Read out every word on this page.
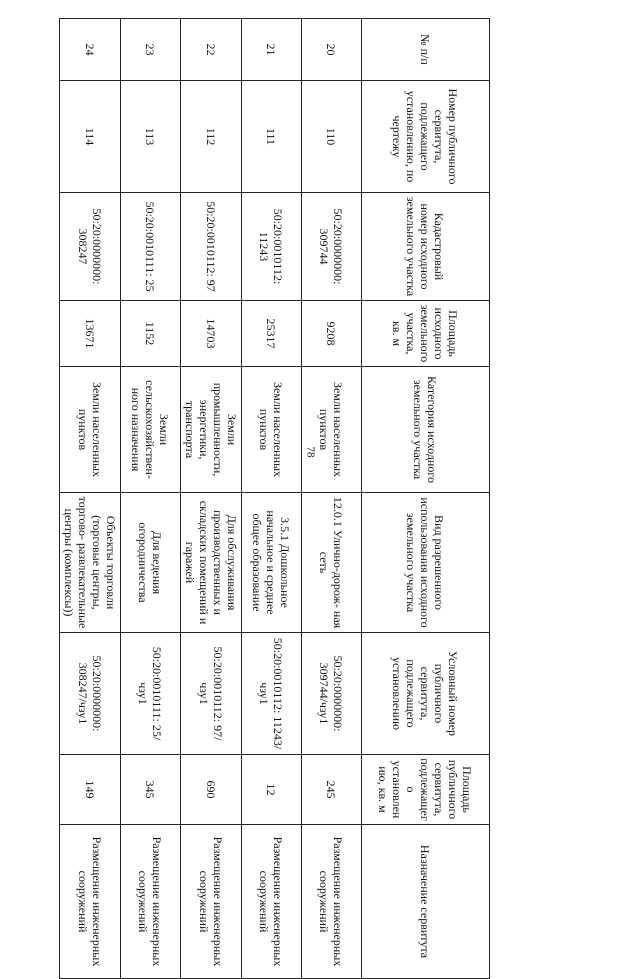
78
№ п/п	Номер публичного сервитута, подлежащего установлению, по чертежу	Кадастровый номер исходного земельного участка	Площадь исходного земельного участка, кв. м	Категория исходного земельного участка	Вид разрешенного использования исходного земельного участка	Условный номер публичного сервитута, подлежащего установлению	Площадь публичного сервитута, подлежащего установлению, кв. м	Назначение сервитута
20	110	50:20:0000000: 309744	9208	Земли населенных пунктов	12.0.1 Улично-дорож- ная сеть	50:20:0000000: 309744/чзу1	245	Размещение инженерных сооружений
21	111	50:20:0010112: 11243	25317	Земли населенных пунктов	3.5.1 Дошкольное начальное и среднее общее образование	50:20:0010112: 11243/чзу1	12	Размещение инженерных сооружений
22	112	50:20:0010112: 97	14703	Земли промышленности, энергетики, транспорта	Для обслуживания производственных и складских помещений и гаражей	50:20:0010112: 97/чзу1	690	Размещение инженерных сооружений
23	113	50:20:0010111: 25	1152	Земли сельскохозяйствен- ного назначения	Для ведения огородничества	50:20:0010111: 25/чзу1	345	Размещение инженерных сооружений
24	114	50:20:0000000: 308247	13671	Земли населенных пунктов	Объекты торговли (торговые центры, торгово- развлекательные центры (комплексы))	50:20:0000000: 308247/чзу1	149	Размещение инженерных сооружений
